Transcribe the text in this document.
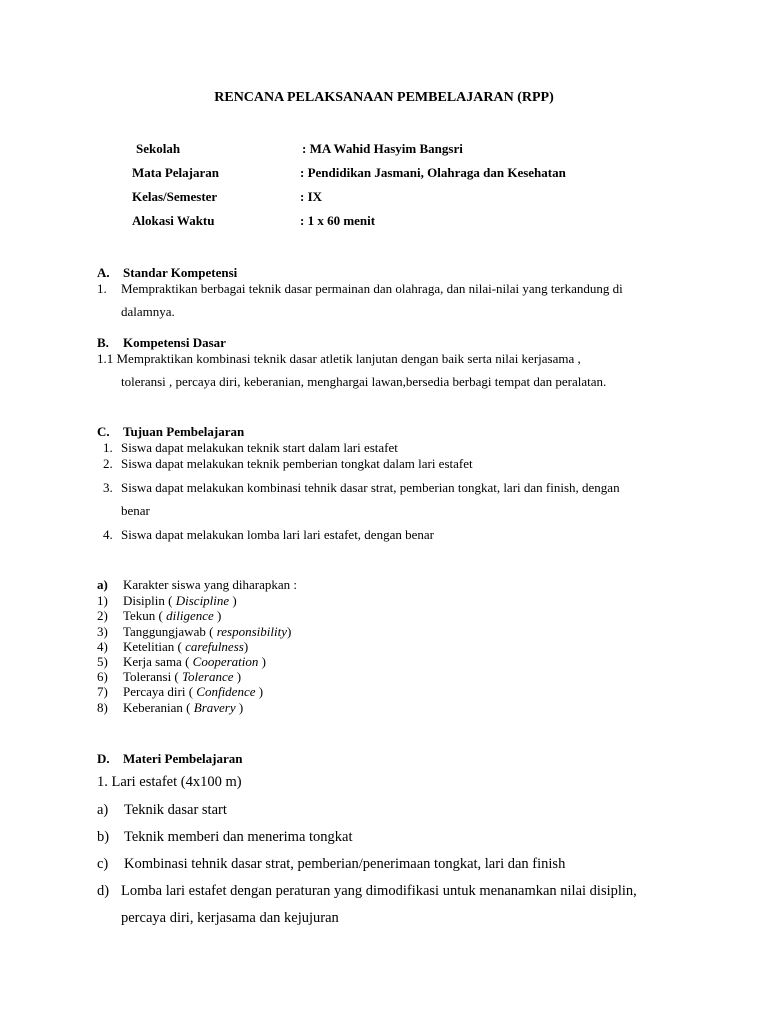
RENCANA PELAKSANAAN PEMBELAJARAN (RPP)
Sekolah	: MA Wahid Hasyim Bangsri
Mata Pelajaran	: Pendidikan Jasmani, Olahraga dan Kesehatan
Kelas/Semester	: IX
Alokasi Waktu	: 1 x 60 menit
A. Standar Kompetensi
1. Mempraktikan berbagai teknik dasar permainan dan olahraga, dan nilai-nilai yang terkandung di
dalamnya.
B. Kompetensi Dasar
1.1 Mempraktikan kombinasi teknik dasar atletik lanjutan dengan baik serta nilai kerjasama ,
toleransi , percaya diri, keberanian, menghargai lawan,bersedia berbagi tempat dan peralatan.
C. Tujuan Pembelajaran
1. Siswa dapat melakukan teknik start dalam lari estafet
2. Siswa dapat melakukan teknik pemberian tongkat dalam lari estafet
3. Siswa dapat melakukan kombinasi tehnik dasar strat, pemberian tongkat, lari dan finish, dengan
benar
4. Siswa dapat melakukan lomba lari lari estafet, dengan benar
a) Karakter siswa yang diharapkan :
1) Disiplin ( Discipline )
2) Tekun ( diligence )
3) Tanggungjawab ( responsibility)
4) Ketelitian ( carefulness)
5) Kerja sama ( Cooperation )
6) Toleransi ( Tolerance )
7) Percaya diri ( Confidence )
8) Keberanian ( Bravery )
D. Materi Pembelajaran
1. Lari estafet (4x100 m)
a) Teknik dasar start
b) Teknik memberi dan menerima tongkat
c) Kombinasi tehnik dasar strat, pemberian/penerimaan tongkat, lari dan finish
d) Lomba lari estafet dengan peraturan yang dimodifikasi untuk menanamkan nilai disiplin,
percaya diri, kerjasama dan kejujuran
